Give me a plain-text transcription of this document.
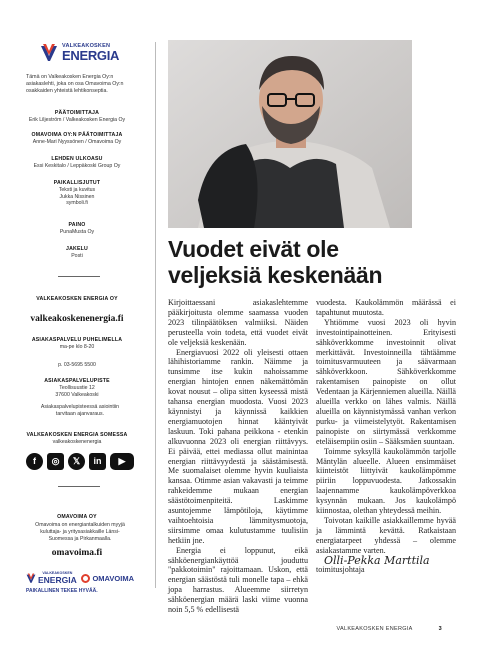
VALKEAKOSKEN
ENERGIA
Tämä on Valkeakosken Energia Oy:n asiakaslehti, joka on osa Omavoima Oy:n osakkaiden yhteistä lehtikonseptia.
PÄÄTOIMITTAJA
Erik Liljeström / Valkeakosken Energia Oy
OMAVOIMA OY:N PÄÄTOIMITTAJA
Anne-Mari Nyyssönen / Omavoima Oy
LEHDEN ULKOASU
Essi Keskitalo / Leppäkoski Group Oy
PAIKALLISJUTUT
Teksti ja kuvitus
Jukka Nissinen
symboli.fi
PAINO
PunaMusta Oy
JAKELU
Posti
VALKEAKOSKEN ENERGIA OY
valkeakoskenenergia.fi
ASIAKASPALVELU PUHELIMELLA
ma-pe klo 8-20
p. 03-5695 5500
ASIAKASPALVELUPISTE
Teollisuustie 12
37600 Valkeakoski
Asiakaspalvelupisteessä asiointiin tarvitaan ajanvaraus.
VALKEAKOSKEN ENERGIA SOMESSA
valkeakoskenenergia
f	◎	𝕏	in	▶
OMAVOIMA OY
Omavoima on energiantalkuiden myyjä kuluttaja- ja yritysasiakkaille Länsi-Suomessa ja Pirkanmaalla.
omavoima.fi
VALKEAKOSKEN
ENERGIA OMAVOIMA
PAIKALLINEN TEKEE HYVÄÄ.
Vuodet eivät ole veljeksiä keskenään

Kirjoittaessani asiakaslehtemme pääkirjoitusta olemme saamassa vuoden 2023 tilinpäätöksen valmiiksi. Näiden perusteella voin todeta, että vuodet eivät ole veljeksiä keskenään.

Energiavuosi 2022 oli yleisesti ottaen lähihistoriamme rankin. Näimme ja tunsimme itse kukin nahoissamme energian hintojen ennen näkemättömän kovat nousut – olipa sitten kyseessä mistä tahansa energian muodosta. Vuosi 2023 käynnistyi ja käynnissä kaikkien energiamuotojen hinnat kääntyivät laskuun. Toki pahana peikkona - etenkin alkuvuonna 2023 oli energian riittävyys. Ei päivää, ettei mediassa ollut mainintaa energian riittävyydestä ja säästämisestä. Me suomalaiset olemme hyvin kuuliaista kansaa. Otimme asian vakavasti ja teimme rahkeidemme mukaan energian säästötoimenpiteitä. Laskimme asuntojemme lämpötiloja, käytimme vaihtoehtoisia lämmitysmuotoja, siirsimme omaa kulutustamme tuulisiin hetkiin jne.

Energia ei loppunut, eikä sähköenergiankäyttöä jouduttu "pakkotoimin" rajoittamaan. Uskon, että energian säästöstä tuli monelle tapa – ehkä jopa harrastus. Alueemme siirretyn sähköenergian määrä laski viime vuonna noin 5,5 % edellisestä

vuodesta. Kaukolämmön määrässä ei tapahtunut muutosta.

Yhtiömme vuosi 2023 oli hyvin investointipainotteinen. Erityisesti sähköverkkomme investoinnit olivat merkittävät. Investoinneilla tähtäämme toimitusvarmuuteen ja säävarmaan sähköverkkoon. Sähköverkkomme rakentamisen painopiste on ollut Vedentaan ja Kärjenniemen alueilla. Näillä alueilla verkko on lähes valmis. Näillä alueilla on käynnistymässä vanhan verkon purku- ja viimeistelytyöt. Rakentamisen painopiste on siirtymässä verkkomme eteläisempiin osiin – Sääksmäen suuntaan.

Toimme syksyllä kaukolämmön tarjolle Mäntylän alueelle. Alueen ensimmäiset kiinteistöt liittyivät kaukolämpömme piiriin loppuvuodesta. Jatkossakin laajennamme kaukolämpöverkkoa kysynnän mukaan. Jos kaukolämpö kiinnostaa, olethan yhteydessä meihin.

Toivotan kaikille asiakkaillemme hyvää ja lämmintä kevättä. Ratkaistaan energiatarpeet yhdessä – olemme asiakastamme varten.

Olli-Pekka Marttila

toimitusjohtaja

VALKEAKOSKEN ENERGIA	3
